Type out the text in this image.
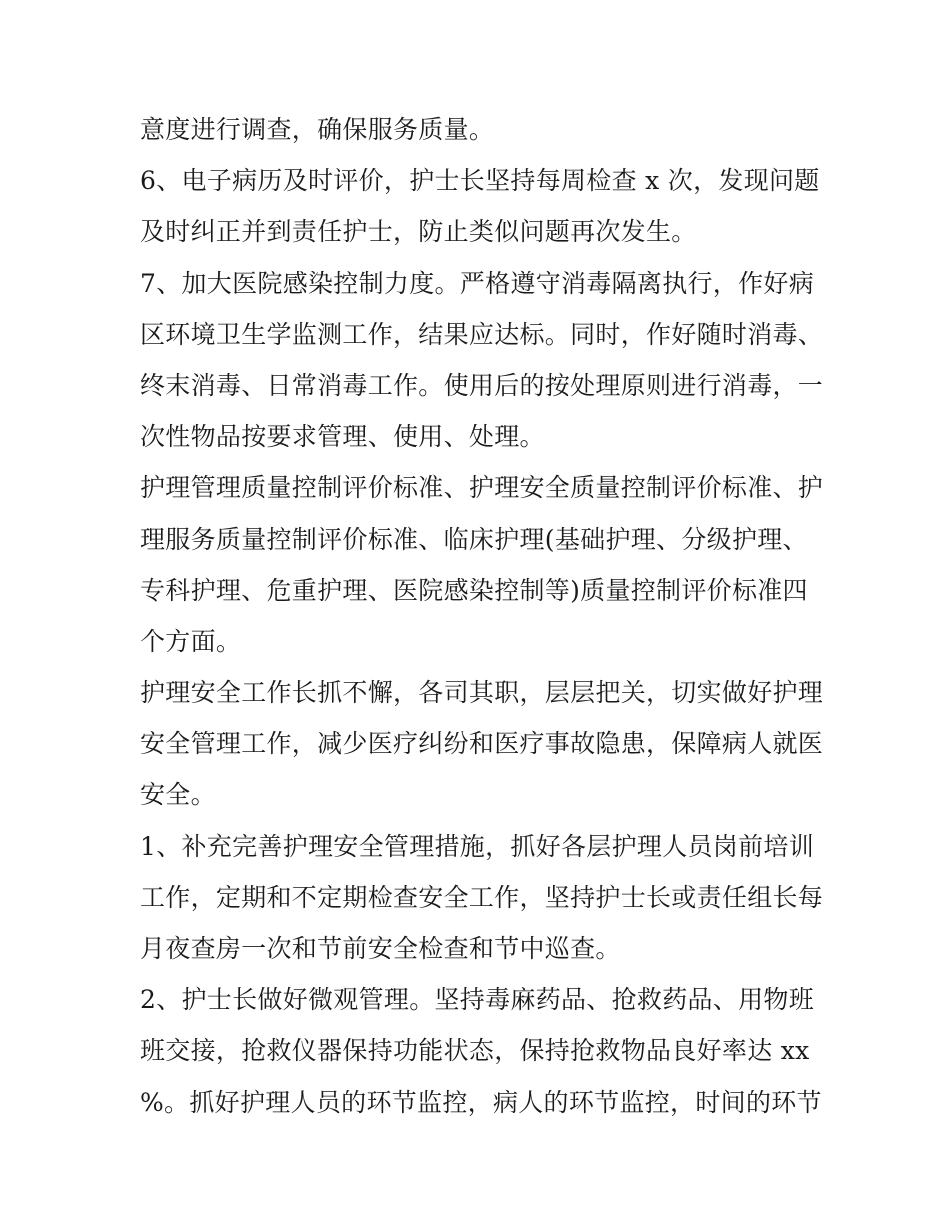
意度进行调查，确保服务质量。
6、电子病历及时评价，护士长坚持每周检查 x 次，发现问题
及时纠正并到责任护士，防止类似问题再次发生。
7、加大医院感染控制力度。严格遵守消毒隔离执行，作好病
区环境卫生学监测工作，结果应达标。同时，作好随时消毒、
终末消毒、日常消毒工作。使用后的按处理原则进行消毒，一
次性物品按要求管理、使用、处理。
护理管理质量控制评价标准、护理安全质量控制评价标准、护
理服务质量控制评价标准、临床护理(基础护理、分级护理、
专科护理、危重护理、医院感染控制等)质量控制评价标准四
个方面。
护理安全工作长抓不懈，各司其职，层层把关，切实做好护理
安全管理工作，减少医疗纠纷和医疗事故隐患，保障病人就医
安全。
1、补充完善护理安全管理措施，抓好各层护理人员岗前培训
工作，定期和不定期检查安全工作，坚持护士长或责任组长每
月夜查房一次和节前安全检查和节中巡查。
2、护士长做好微观管理。坚持毒麻药品、抢救药品、用物班
班交接，抢救仪器保持功能状态，保持抢救物品良好率达 xx
%。抓好护理人员的环节监控，病人的环节监控，时间的环节
